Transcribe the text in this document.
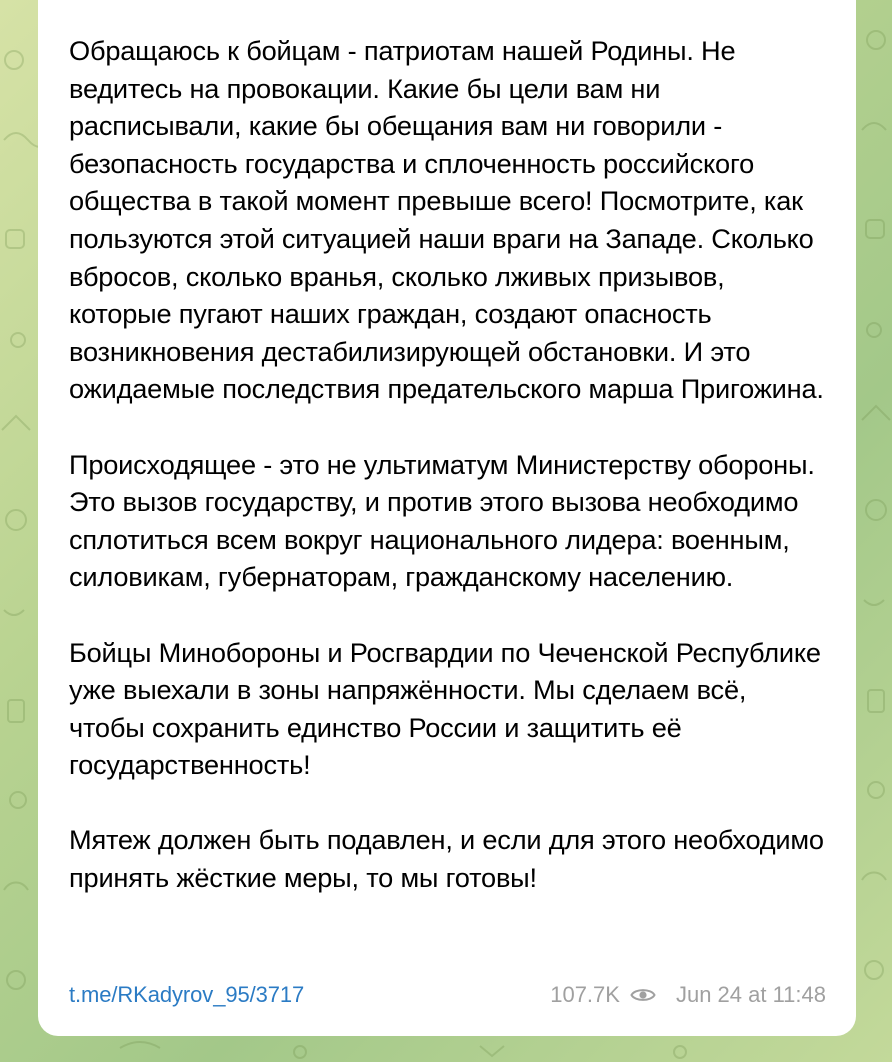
Обращаюсь к бойцам - патриотам нашей Родины. Не ведитесь на провокации. Какие бы цели вам ни расписывали, какие бы обещания вам ни говорили - безопасность государства и сплоченность российского общества в такой момент превыше всего! Посмотрите, как пользуются этой ситуацией наши враги на Западе. Сколько вбросов, сколько вранья, сколько лживых призывов, которые пугают наших граждан, создают опасность возникновения дестабилизирующей обстановки. И это ожидаемые последствия предательского марша Пригожина.

Происходящее - это не ультиматум Министерству обороны. Это вызов государству, и против этого вызова необходимо сплотиться всем вокруг национального лидера: военным, силовикам, губернаторам, гражданскому населению.

Бойцы Минобороны и Росгвардии по Чеченской Республике уже выехали в зоны напряжённости. Мы сделаем всё, чтобы сохранить единство России и защитить её государственность!

Мятеж должен быть подавлен, и если для этого необходимо принять жёсткие меры, то мы готовы!

t.me/RKadyrov_95/3717	107.7K	Jun 24 at 11:48
